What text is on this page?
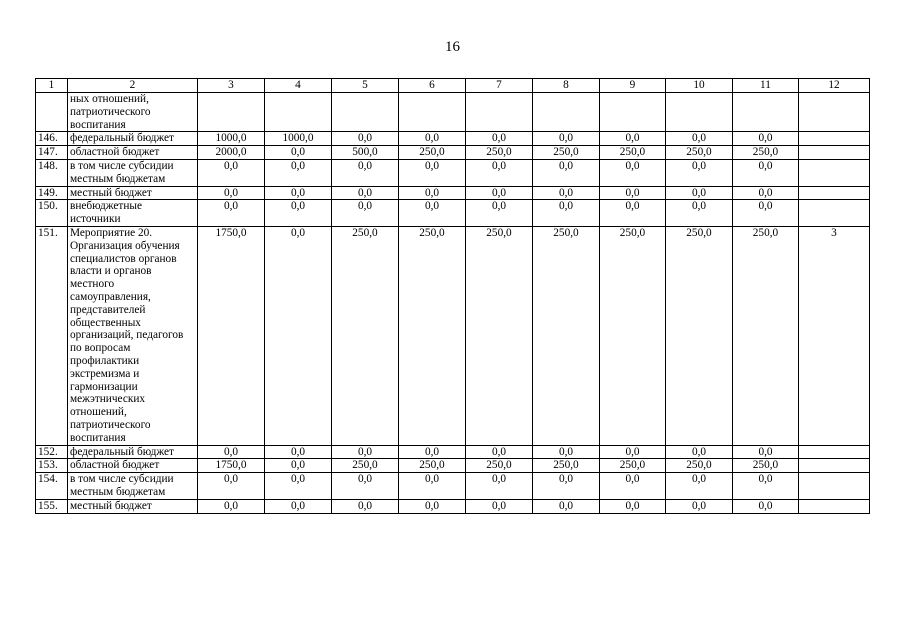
16
1	2	3	4	5	6	7	8	9	10	11	12
	ных отношений, патриотического воспитания										
146.	федеральный бюджет	1000,0	1000,0	0,0	0,0	0,0	0,0	0,0	0,0	0,0	
147.	областной бюджет	2000,0	0,0	500,0	250,0	250,0	250,0	250,0	250,0	250,0	
148.	в том числе субсидии местным бюджетам	0,0	0,0	0,0	0,0	0,0	0,0	0,0	0,0	0,0	
149.	местный бюджет	0,0	0,0	0,0	0,0	0,0	0,0	0,0	0,0	0,0	
150.	внебюджетные источники	0,0	0,0	0,0	0,0	0,0	0,0	0,0	0,0	0,0	
151.	Мероприятие 20. Организация обучения специалистов органов власти и органов местного самоуправления, представителей общественных организаций, педагогов по вопросам профилактики экстремизма и гармонизации межэтнических отношений, патриотического воспитания	1750,0	0,0	250,0	250,0	250,0	250,0	250,0	250,0	250,0	3
152.	федеральный бюджет	0,0	0,0	0,0	0,0	0,0	0,0	0,0	0,0	0,0	
153.	областной бюджет	1750,0	0,0	250,0	250,0	250,0	250,0	250,0	250,0	250,0	
154.	в том числе субсидии местным бюджетам	0,0	0,0	0,0	0,0	0,0	0,0	0,0	0,0	0,0	
155.	местный бюджет	0,0	0,0	0,0	0,0	0,0	0,0	0,0	0,0	0,0	
